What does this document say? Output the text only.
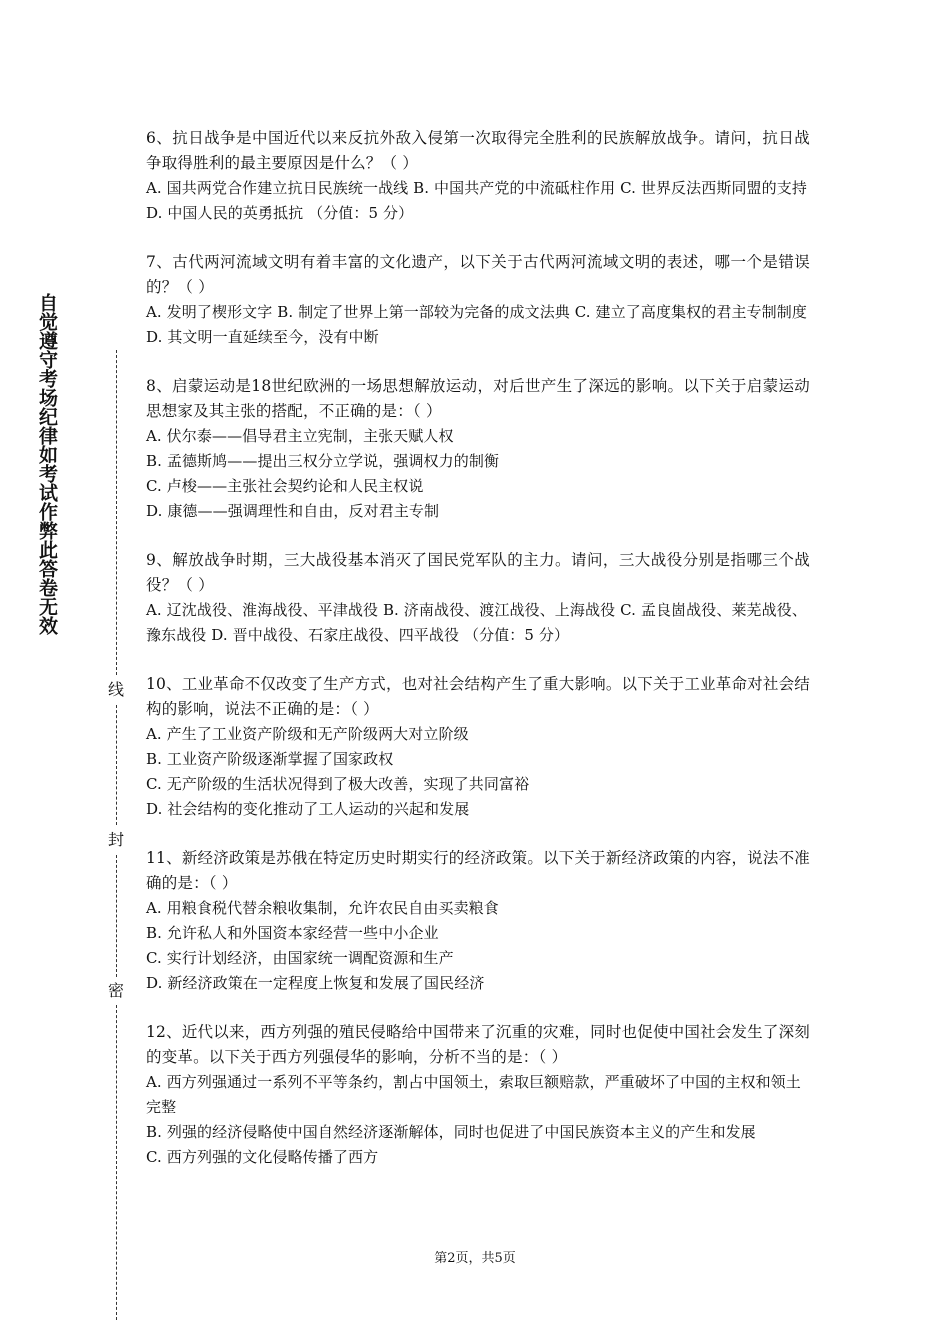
自觉遵守考场纪律如考试作弊此答卷无效
线
封
密
6、抗日战争是中国近代以来反抗外敌入侵第一次取得完全胜利的民族解放战争。请问，抗日战争取得胜利的最主要原因是什么？（ ）
A. 国共两党合作建立抗日民族统一战线 B. 中国共产党的中流砥柱作用 C. 世界反法西斯同盟的支持 D. 中国人民的英勇抵抗 （分值：5 分）
7、古代两河流域文明有着丰富的文化遗产，以下关于古代两河流域文明的表述，哪一个是错误的？（ ）
A. 发明了楔形文字 B. 制定了世界上第一部较为完备的成文法典 C. 建立了高度集权的君主专制制度 D. 其文明一直延续至今，没有中断
8、启蒙运动是18世纪欧洲的一场思想解放运动，对后世产生了深远的影响。以下关于启蒙运动思想家及其主张的搭配，不正确的是：（ ）
A. 伏尔泰——倡导君主立宪制，主张天赋人权
B. 孟德斯鸠——提出三权分立学说，强调权力的制衡
C. 卢梭——主张社会契约论和人民主权说
D. 康德——强调理性和自由，反对君主专制
9、解放战争时期，三大战役基本消灭了国民党军队的主力。请问，三大战役分别是指哪三个战役？（ ）
A. 辽沈战役、淮海战役、平津战役 B. 济南战役、渡江战役、上海战役 C. 孟良崮战役、莱芜战役、豫东战役 D. 晋中战役、石家庄战役、四平战役 （分值：5 分）
10、工业革命不仅改变了生产方式，也对社会结构产生了重大影响。以下关于工业革命对社会结构的影响，说法不正确的是：（ ）
A. 产生了工业资产阶级和无产阶级两大对立阶级
B. 工业资产阶级逐渐掌握了国家政权
C. 无产阶级的生活状况得到了极大改善，实现了共同富裕
D. 社会结构的变化推动了工人运动的兴起和发展
11、新经济政策是苏俄在特定历史时期实行的经济政策。以下关于新经济政策的内容，说法不准确的是：（ ）
A. 用粮食税代替余粮收集制，允许农民自由买卖粮食
B. 允许私人和外国资本家经营一些中小企业
C. 实行计划经济，由国家统一调配资源和生产
D. 新经济政策在一定程度上恢复和发展了国民经济
12、近代以来，西方列强的殖民侵略给中国带来了沉重的灾难，同时也促使中国社会发生了深刻的变革。以下关于西方列强侵华的影响，分析不当的是：（ ）
A. 西方列强通过一系列不平等条约，割占中国领土，索取巨额赔款，严重破坏了中国的主权和领土完整
B. 列强的经济侵略使中国自然经济逐渐解体，同时也促进了中国民族资本主义的产生和发展
C. 西方列强的文化侵略传播了西方
第2页，共5页
